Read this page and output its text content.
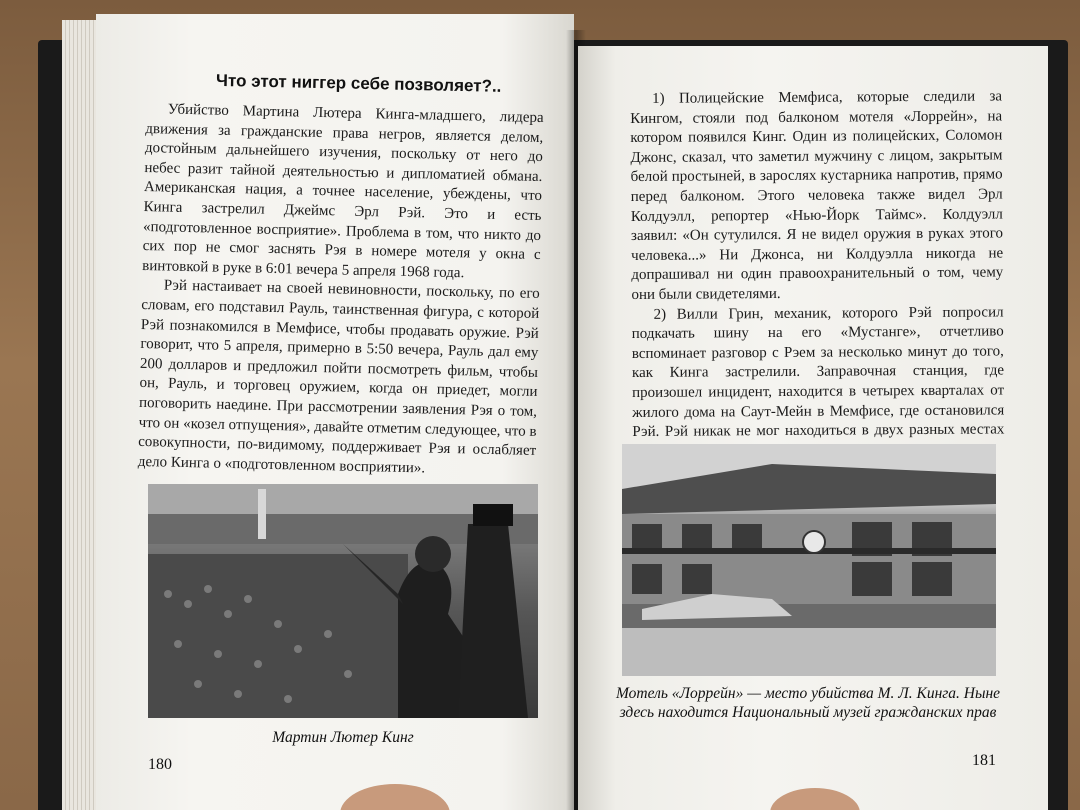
Что этот ниггер себе позволяет?..

Убийство Мартина Лютера Кинга-младшего, лидера движения за гражданские права негров, является делом, достойным дальнейшего изучения, поскольку от него до небес разит тайной деятельностью и дипломатией обмана. Американская нация, а точнее население, убеждены, что Кинга застрелил Джеймс Эрл Рэй. Это и есть «подготовленное восприятие». Проблема в том, что никто до сих пор не смог заснять Рэя в номере мотеля у окна с винтовкой в руке в 6:01 вечера 5 апреля 1968 года.

Рэй настаивает на своей невиновности, поскольку, по его словам, его подставил Рауль, таинственная фигура, с которой Рэй познакомился в Мемфисе, чтобы продавать оружие. Рэй говорит, что 5 апреля, примерно в 5:50 вечера, Рауль дал ему 200 долларов и предложил пойти посмотреть фильм, чтобы он, Рауль, и торговец оружием, когда он приедет, могли поговорить наедине. При рассмотрении заявления Рэя о том, что он «козел отпущения», давайте отметим следующее, что в совокупности, по-видимому, поддерживает Рэя и ослабляет дело Кинга о «подготовленном восприятии».

Мартин Лютер Кинг
180

1) Полицейские Мемфиса, которые следили за Кингом, стояли под балконом мотеля «Лоррейн», на котором появился Кинг. Один из полицейских, Соломон Джонс, сказал, что заметил мужчину с лицом, закрытым белой простыней, в зарослях кустарника напротив, прямо перед балконом. Этого человека также видел Эрл Колдуэлл, репортер «Нью-Йорк Таймс». Колдуэлл заявил: «Он сутулился. Я не видел оружия в руках этого человека...» Ни Джонса, ни Колдуэлла никогда не допрашивал ни один правоохранительный о том, чему они были свидетелями.

2) Вилли Грин, механик, которого Рэй попросил подкачать шину на его «Мустанге», отчетливо вспоминает разговор с Рэем за несколько минут до того, как Кинга застрелили. Заправочная станция, где произошел инцидент, находится в четырех кварталах от жилого дома на Саут-Мейн в Мемфисе, где остановился Рэй. Рэй никак не мог находиться в двух разных местах

Мотель «Лоррейн» — место убийства М. Л. Кинга. Ныне здесь находится Национальный музей гражданских прав
181
